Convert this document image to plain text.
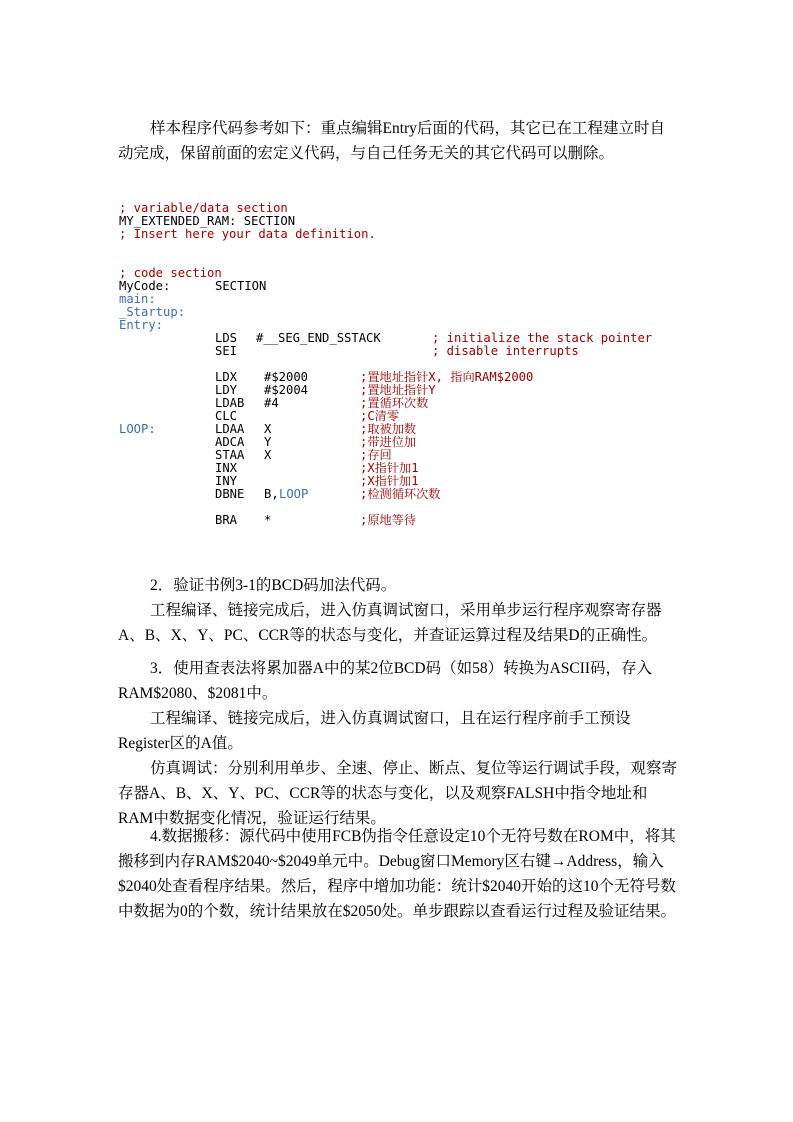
样本程序代码参考如下：重点编辑Entry后面的代码，其它已在工程建立时自动完成，保留前面的宏定义代码，与自己任务无关的其它代码可以删除。

; variable/data section
MY_EXTENDED_RAM: SECTION
; Insert here your data definition.
; code section
MyCode:	SECTION
main:
_Startup:
Entry:
LDS #__SEG_END_SSTACK	; initialize the stack pointer
SEI	; disable interrupts
LOOP:
LDX #$2000	;置地址指针X, 指向RAM$2000
LDY #$2004	;置地址指针Y
LDAB #4	;置循环次数
CLC	;C清零
LDAA X	;取被加数
ADCA Y	;带进位加
STAA X	;存回
INX	;X指针加1
INY	;X指针加1
DBNE B, LOOP	;检测循环次数
BRA *	;原地等待

2．验证书例3-1的BCD码加法代码。

工程编译、链接完成后，进入仿真调试窗口，采用单步运行程序观察寄存器A、B、X、Y、PC、CCR等的状态与变化，并查证运算过程及结果D的正确性。

3．使用查表法将累加器A中的某2位BCD码（如58）转换为ASCII码，存入RAM$2080、$2081中。

工程编译、链接完成后，进入仿真调试窗口，且在运行程序前手工预设Register区的A值。

仿真调试：分别利用单步、全速、停止、断点、复位等运行调试手段，观察寄存器A、B、X、Y、PC、CCR等的状态与变化，以及观察FALSH中指令地址和RAM中数据变化情况，验证运行结果。

4.数据搬移：源代码中使用FCB伪指令任意设定10个无符号数在ROM中，将其搬移到内存RAM$2040~$2049单元中。Debug窗口Memory区右键→Address，输入$2040处查看程序结果。然后，程序中增加功能：统计$2040开始的这10个无符号数中数据为0的个数，统计结果放在$2050处。单步跟踪以查看运行过程及验证结果。
